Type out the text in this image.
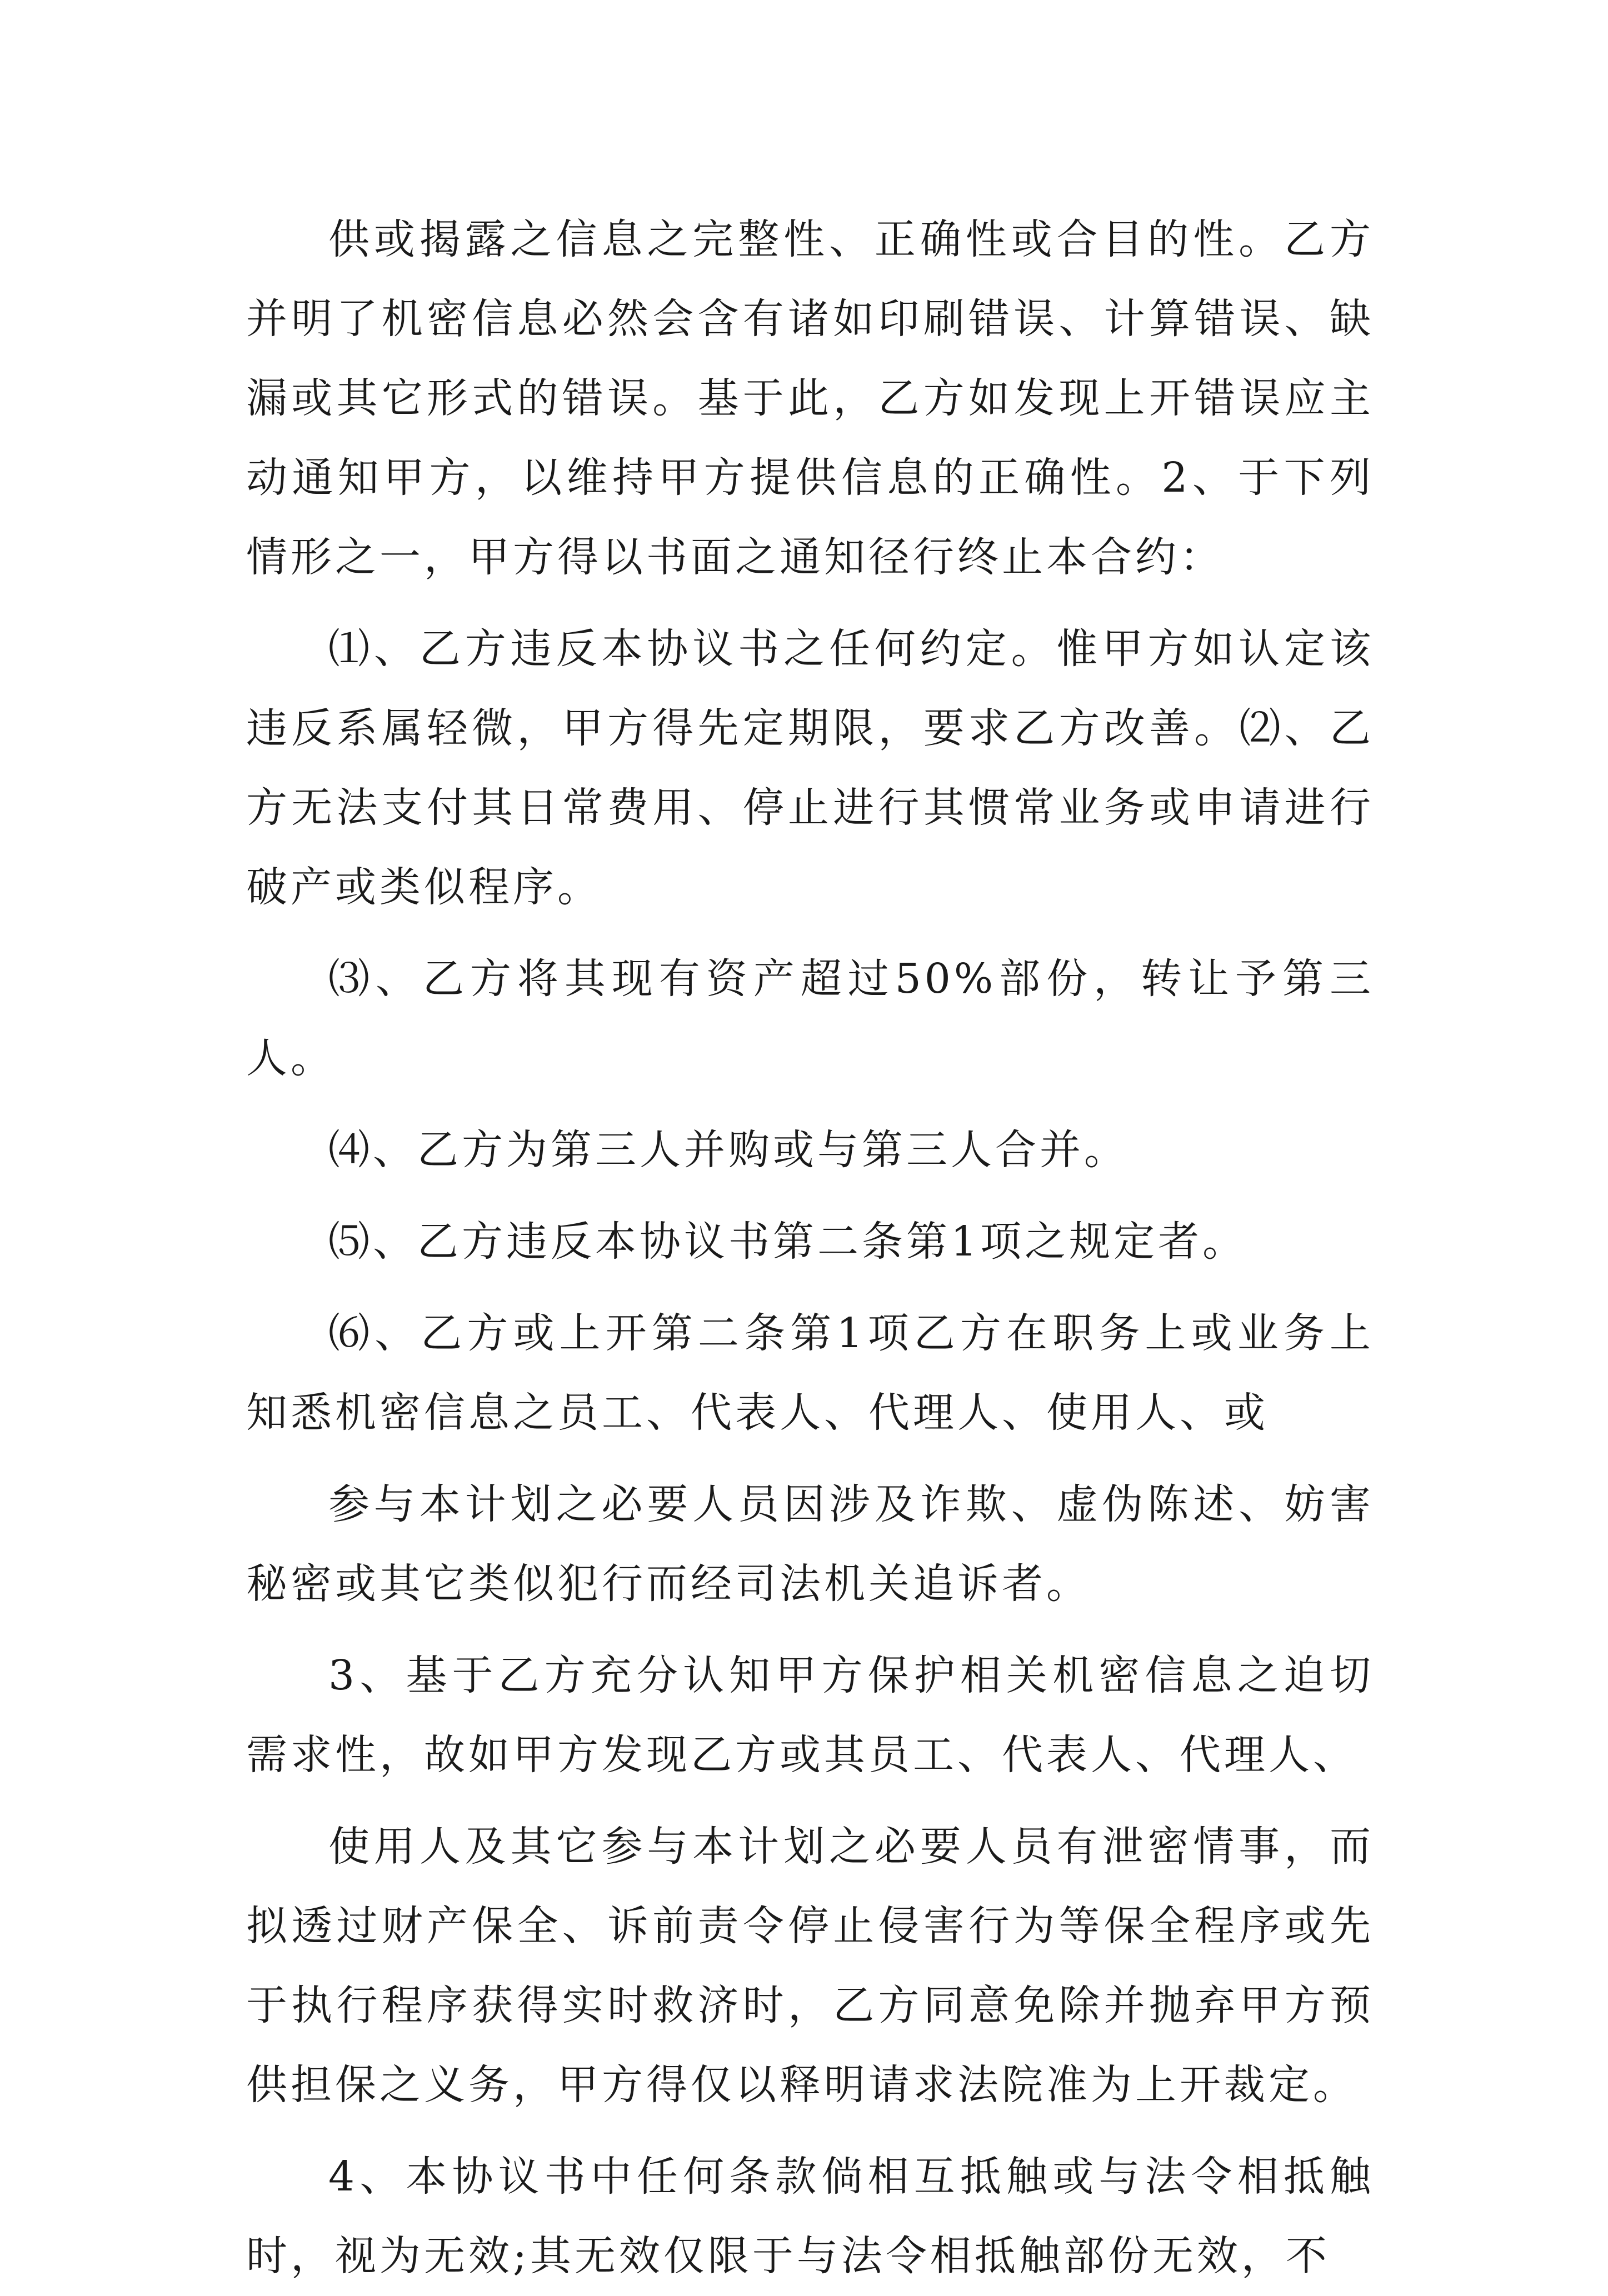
供或揭露之信息之完整性、正确性或合目的性。乙方并明了机密信息必然会含有诸如印刷错误、计算错误、缺漏或其它形式的错误。基于此，乙方如发现上开错误应主动通知甲方，以维持甲方提供信息的正确性。2、于下列情形之一，甲方得以书面之通知径行终止本合约：

⑴、乙方违反本协议书之任何约定。惟甲方如认定该违反系属轻微，甲方得先定期限，要求乙方改善。⑵、乙方无法支付其日常费用、停止进行其惯常业务或申请进行破产或类似程序。

⑶、乙方将其现有资产超过50%部份，转让予第三人。

⑷、乙方为第三人并购或与第三人合并。

⑸、乙方违反本协议书第二条第1项之规定者。

⑹、乙方或上开第二条第1项乙方在职务上或业务上知悉机密信息之员工、代表人、代理人、使用人、或

参与本计划之必要人员因涉及诈欺、虚伪陈述、妨害秘密或其它类似犯行而经司法机关追诉者。

3、基于乙方充分认知甲方保护相关机密信息之迫切需求性，故如甲方发现乙方或其员工、代表人、代理人、

使用人及其它参与本计划之必要人员有泄密情事，而拟透过财产保全、诉前责令停止侵害行为等保全程序或先于执行程序获得实时救济时，乙方同意免除并抛弃甲方预供担保之义务，甲方得仅以释明请求法院准为上开裁定。

4、本协议书中任何条款倘相互抵触或与法令相抵触时，视为无效;其无效仅限于与法令相抵触部份无效，不
